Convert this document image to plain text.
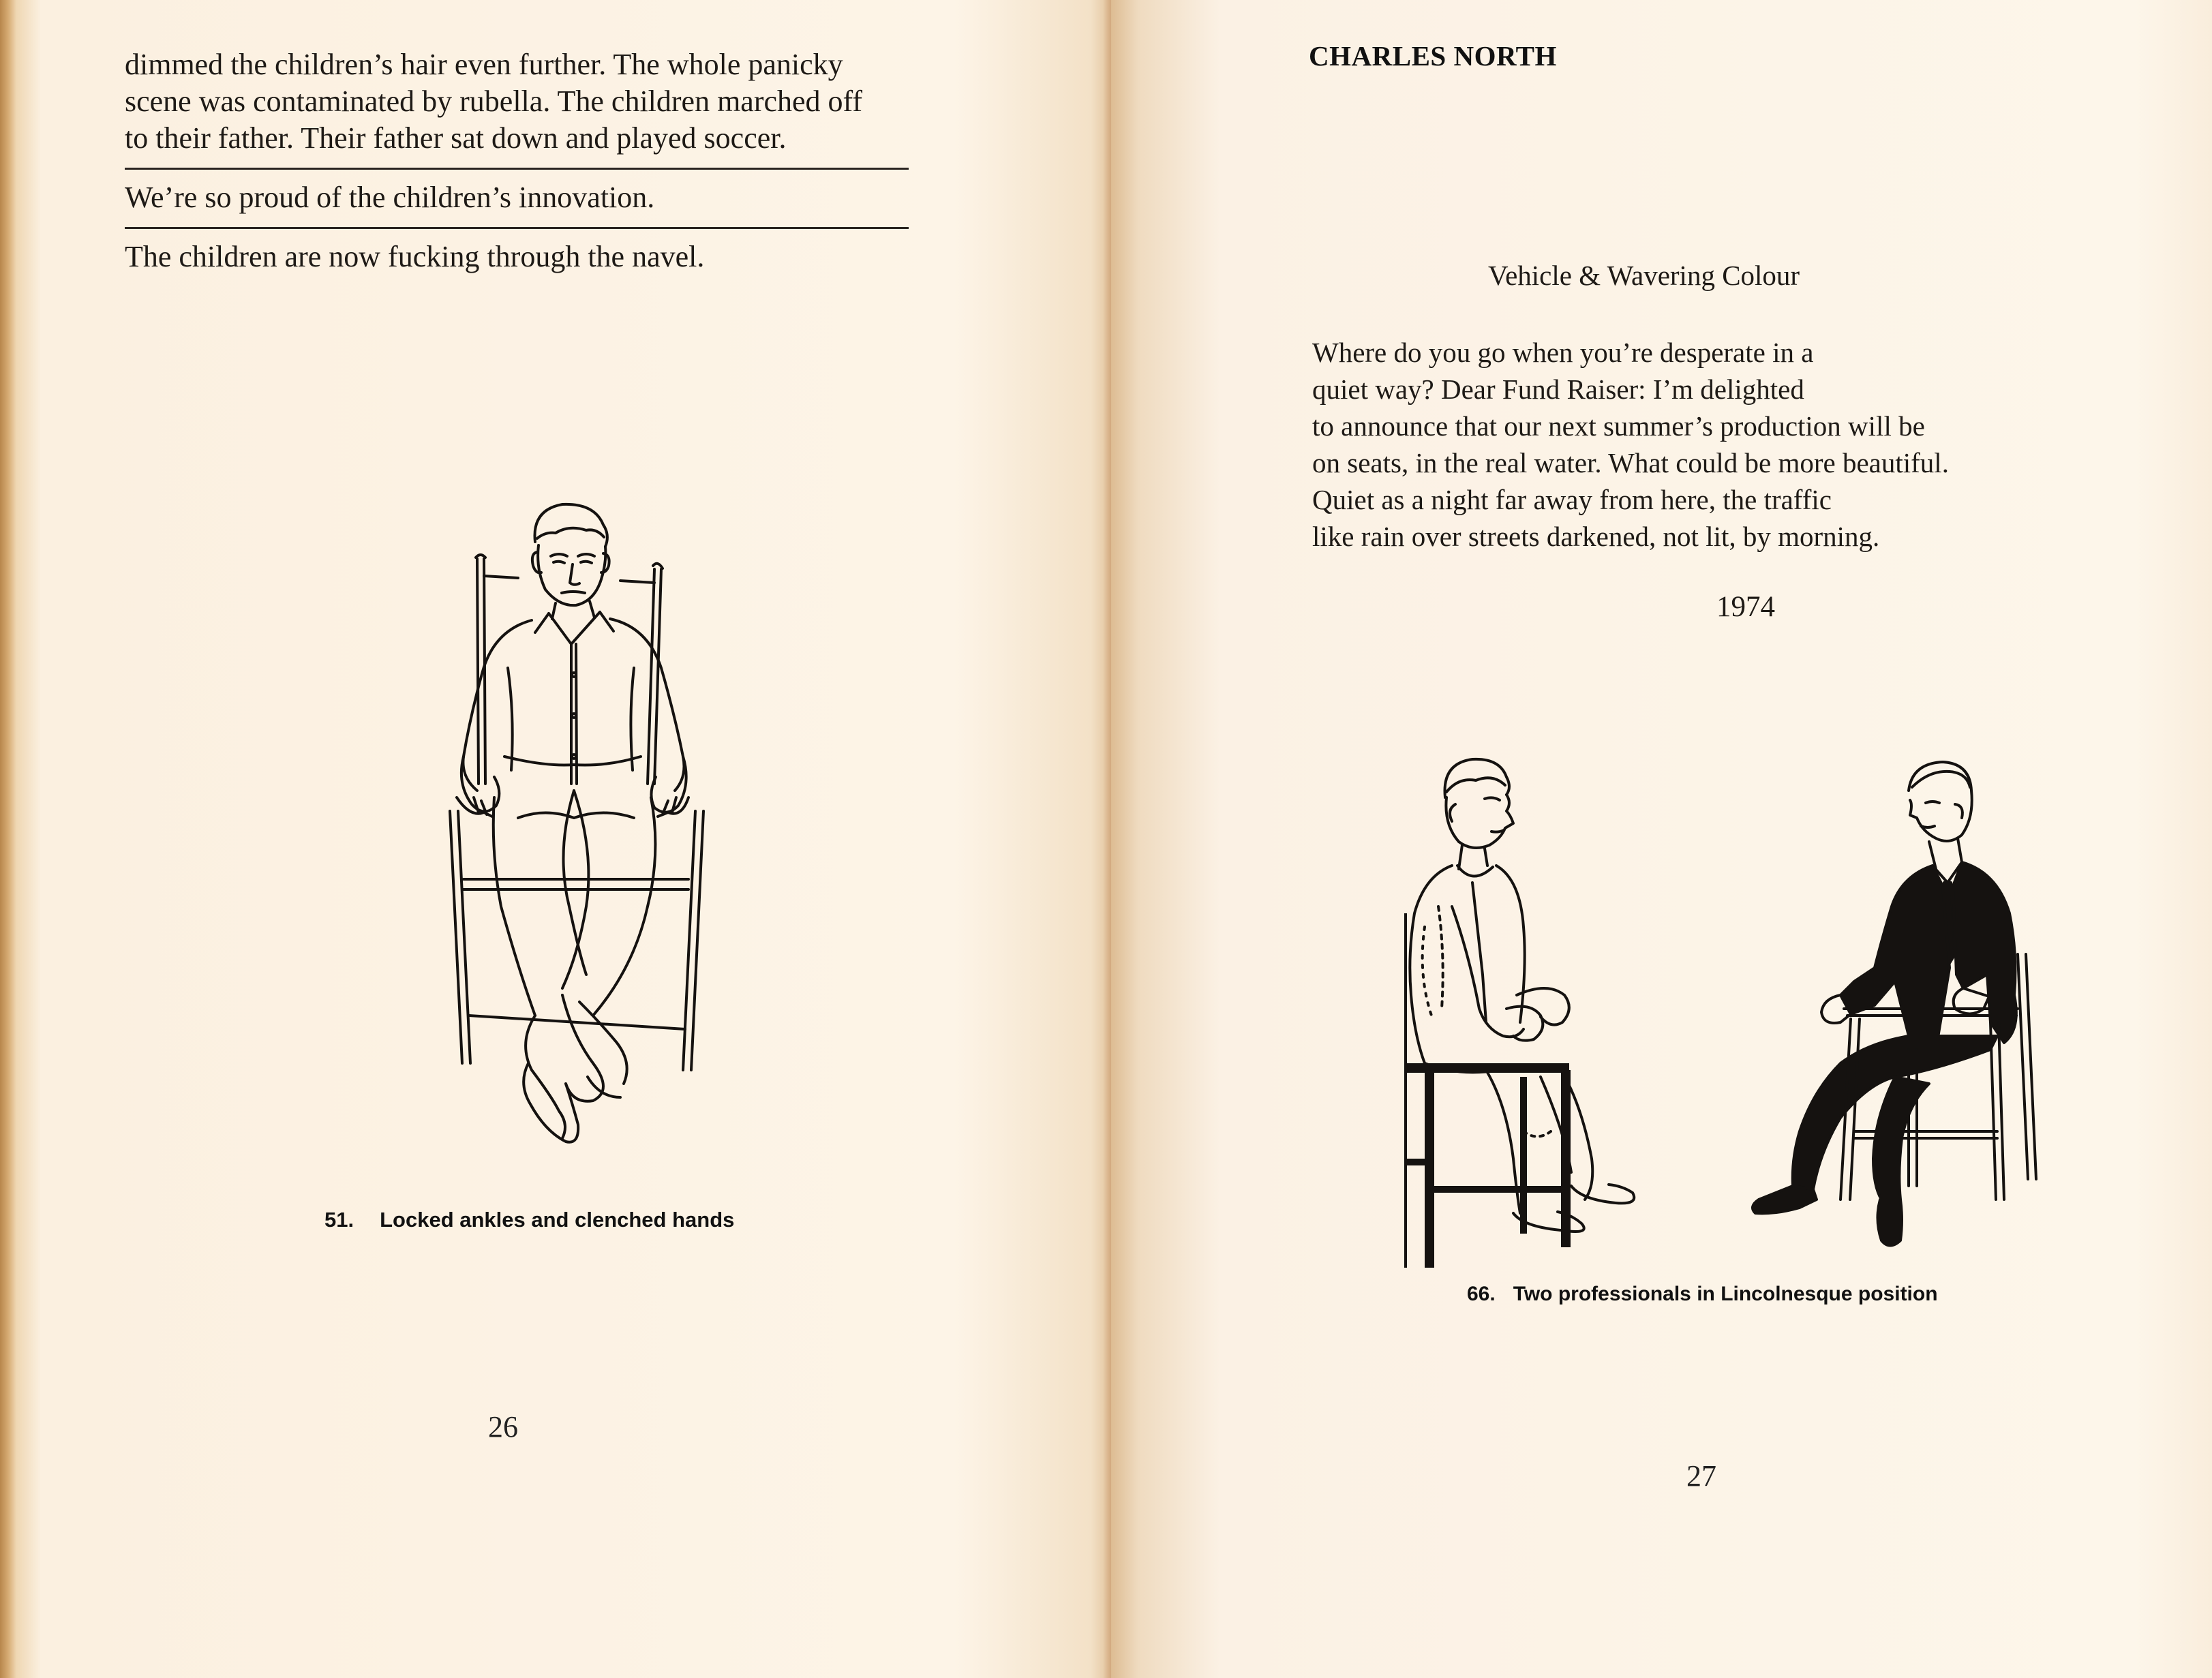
dimmed the children’s hair even further. The whole panicky

scene was contaminated by rubella. The children marched off

to their father. Their father sat down and played soccer.

We’re so proud of the children’s innovation.

The children are now fucking through the navel.

51. Locked ankles and clenched hands
26
CHARLES NORTH
Vehicle & Wavering Colour
Where do you go when you’re desperate in a
quiet way? Dear Fund Raiser: I’m delighted
to announce that our next summer’s production will be
on seats, in the real water. What could be more beautiful.
Quiet as a night far away from here, the traffic
like rain over streets darkened, not lit, by morning.
1974
66. Two professionals in Lincolnesque position
27
